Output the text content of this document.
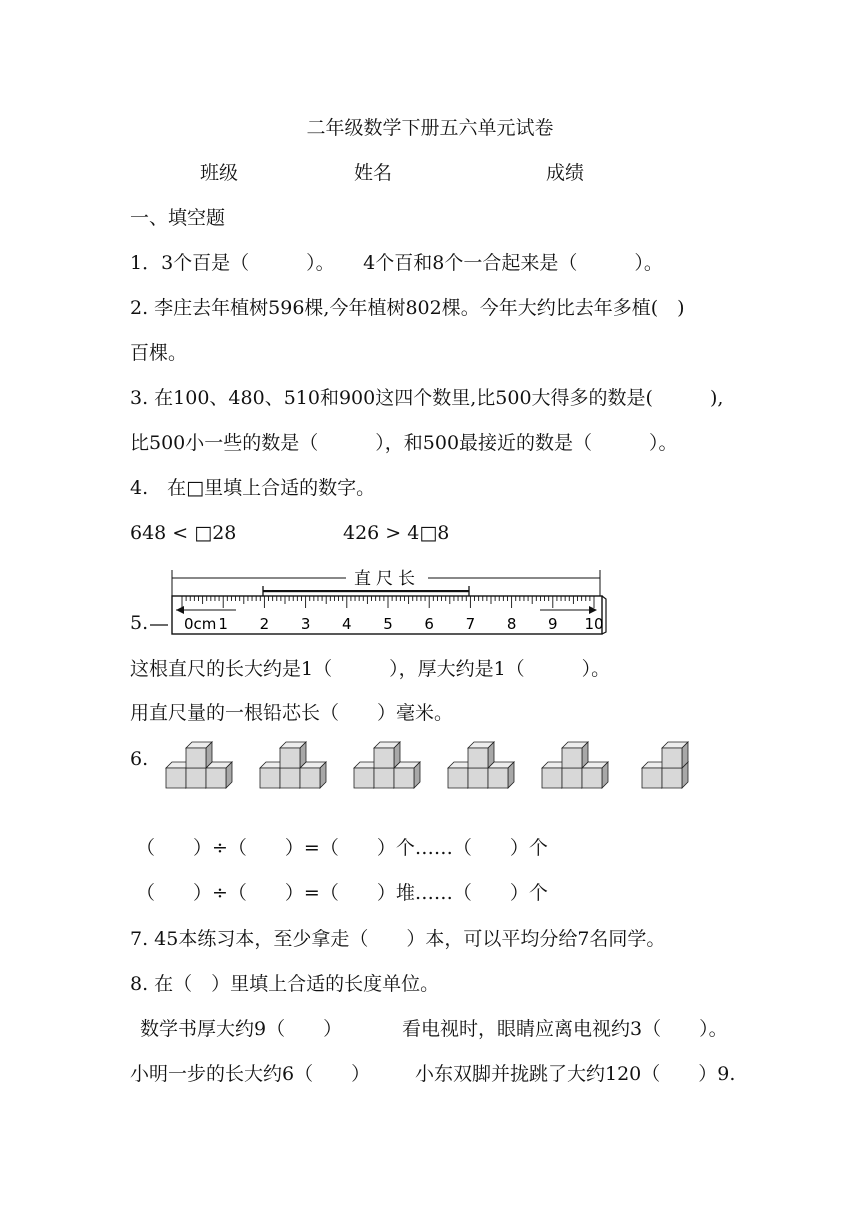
二年级数学下册五六单元试卷
班级	姓名	成绩
一、填空题
1．3个百是（　　　）。　　4个百和8个一合起来是（　　　）。
2. 李庄去年植树596棵,今年植树802棵。今年大约比去年多植(　)
百棵。
3. 在100、480、510和900这四个数里,比500大得多的数是(　　　),
比500小一些的数是（　　　），和500最接近的数是（　　　）。
4.　在□里填上合适的数字。
648 < □28	426 > 4□8
5.
直尺长
0cm 1 2 3 4 5 6 7 8 9 10
这根直尺的长大约是1（　　　），厚大约是1（　　　）。
用直尺量的一根铅芯长（　　）毫米。
6.
（　　）÷（　　）=（　　）个……（　　）个
（　　）÷（　　）=（　　）堆……（　　）个
7. 45本练习本，至少拿走（　　）本，可以平均分给7名同学。
8. 在（　）里填上合适的长度单位。
数学书厚大约9（　　）	看电视时，眼睛应离电视约3（　　）。
小明一步的长大约6（　　） 小东双脚并拢跳了大约120（　　）9.
